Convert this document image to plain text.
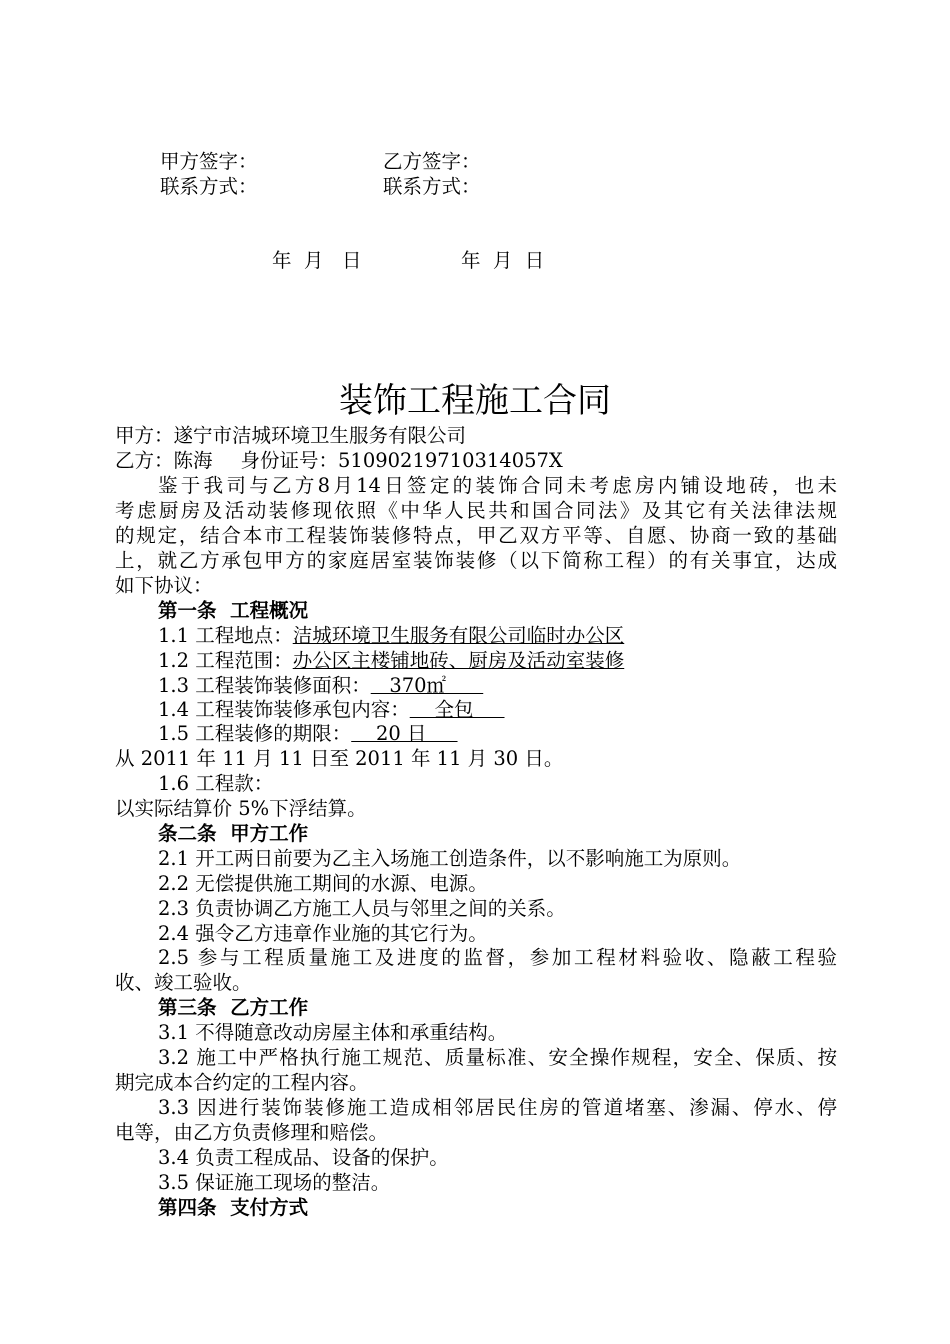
甲方签字：	乙方签字：
联系方式：	联系方式：
年  月   日	年  月  日
装饰工程施工合同
甲方：遂宁市洁城环境卫生服务有限公司
乙方：陈海 身份证号：51090219710314057X
鉴于我司与乙方8月14日签定的装饰合同未考虑房内铺设地砖，也未
考虑厨房及活动装修现依照《中华人民共和国合同法》及其它有关法律法规
的规定，结合本市工程装饰装修特点，甲乙双方平等、自愿、协商一致的基础
上，就乙方承包甲方的家庭居室装饰装修（以下简称工程）的有关事宜，达成
如下协议：
第一条  工程概况
1.1 工程地点：洁城环境卫生服务有限公司临时办公区
1.2 工程范围：办公区主楼铺地砖、厨房及活动室装修
1.3 工程装饰装修面积：   370㎡
1.4 工程装饰装修承包内容：    全包
1.5 工程装修的期限：    20 日
从 2011 年 11 月 11 日至 2011 年 11 月 30 日。
1.6 工程款：
以实际结算价 5%下浮结算。
条二条  甲方工作
2.1 开工两日前要为乙主入场施工创造条件，以不影响施工为原则。
2.2 无偿提供施工期间的水源、电源。
2.3 负责协调乙方施工人员与邻里之间的关系。
2.4 强令乙方违章作业施的其它行为。
2.5 参与工程质量施工及进度的监督，参加工程材料验收、隐蔽工程验
收、竣工验收。
第三条  乙方工作
3.1 不得随意改动房屋主体和承重结构。
3.2 施工中严格执行施工规范、质量标准、安全操作规程，安全、保质、按
期完成本合约定的工程内容。
3.3 因进行装饰装修施工造成相邻居民住房的管道堵塞、渗漏、停水、停
电等，由乙方负责修理和赔偿。
3.4 负责工程成品、设备的保护。
3.5 保证施工现场的整洁。
第四条  支付方式
